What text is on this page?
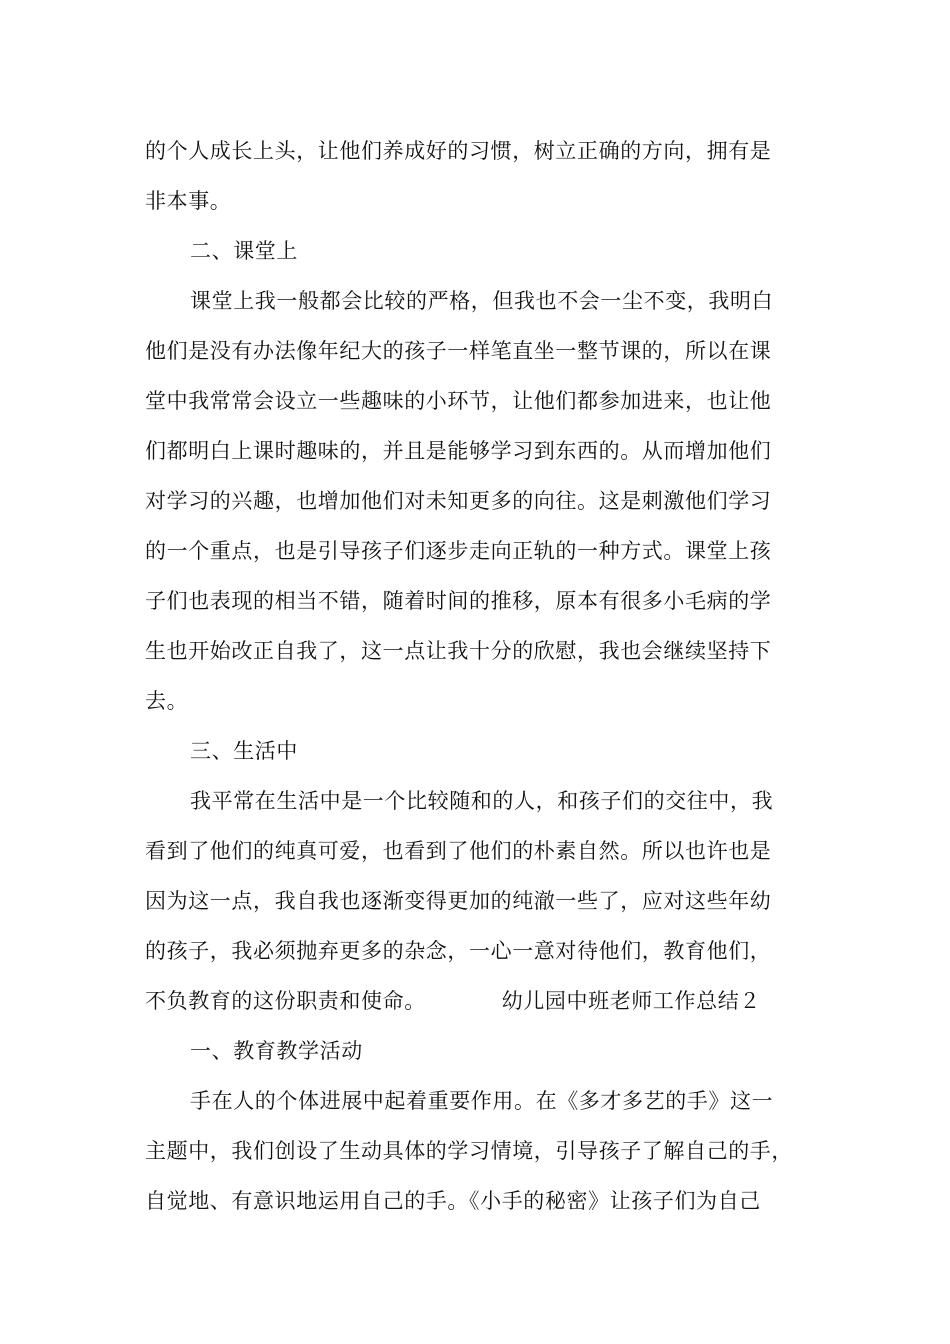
的个人成长上头，让他们养成好的习惯，树立正确的方向，拥有是
非本事。
二、课堂上
课堂上我一般都会比较的严格，但我也不会一尘不变，我明白
他们是没有办法像年纪大的孩子一样笔直坐一整节课的，所以在课
堂中我常常会设立一些趣味的小环节，让他们都参加进来，也让他
们都明白上课时趣味的，并且是能够学习到东西的。从而增加他们
对学习的兴趣，也增加他们对未知更多的向往。这是刺激他们学习
的一个重点，也是引导孩子们逐步走向正轨的一种方式。课堂上孩
子们也表现的相当不错，随着时间的推移，原本有很多小毛病的学
生也开始改正自我了，这一点让我十分的欣慰，我也会继续坚持下
去。
三、生活中
我平常在生活中是一个比较随和的人，和孩子们的交往中，我
看到了他们的纯真可爱，也看到了他们的朴素自然。所以也许也是
因为这一点，我自我也逐渐变得更加的纯澈一些了，应对这些年幼
的孩子，我必须抛弃更多的杂念，一心一意对待他们，教育他们，
不负教育的这份职责和使命。　　　　幼儿园中班老师工作总结２
一、教育教学活动
手在人的个体进展中起着重要作用。在《多才多艺的手》这一
主题中，我们创设了生动具体的学习情境，引导孩子了解自己的手，
自觉地、有意识地运用自己的手。《小手的秘密》让孩子们为自己
